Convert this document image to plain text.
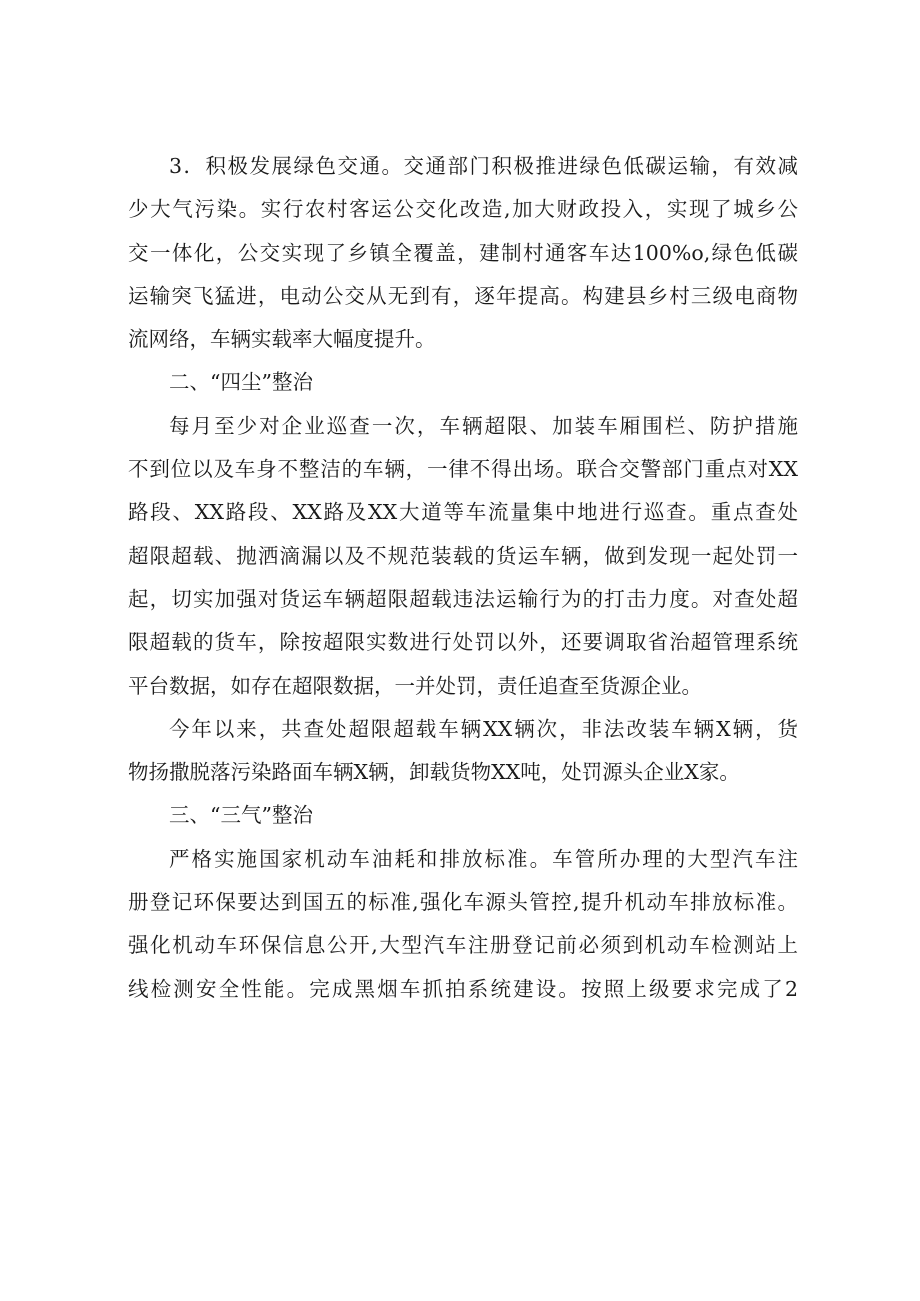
3．积极发展绿色交通。交通部门积极推进绿色低碳运输，有效减
少大气污染。实行农村客运公交化改造,加大财政投入，实现了城乡公
交一体化，公交实现了乡镇全覆盖，建制村通客车达100%o,绿色低碳
运输突飞猛进，电动公交从无到有，逐年提高。构建县乡村三级电商物
流网络，车辆实载率大幅度提升。
二、“四尘”整治
每月至少对企业巡查一次，车辆超限、加装车厢围栏、防护措施
不到位以及车身不整洁的车辆，一律不得出场。联合交警部门重点对XX
路段、XX路段、XX路及XX大道等车流量集中地进行巡查。重点查处
超限超载、抛洒滴漏以及不规范装载的货运车辆，做到发现一起处罚一
起，切实加强对货运车辆超限超载违法运输行为的打击力度。对查处超
限超载的货车，除按超限实数进行处罚以外，还要调取省治超管理系统
平台数据，如存在超限数据，一并处罚，责任追查至货源企业。
今年以来，共查处超限超载车辆XX辆次，非法改装车辆X辆，货
物扬撒脱落污染路面车辆X辆，卸载货物XX吨，处罚源头企业X家。
三、“三气”整治
严格实施国家机动车油耗和排放标准。车管所办理的大型汽车注
册登记环保要达到国五的标准,强化车源头管控,提升机动车排放标准。
强化机动车环保信息公开,大型汽车注册登记前必须到机动车检测站上
线检测安全性能。完成黑烟车抓拍系统建设。按照上级要求完成了2
